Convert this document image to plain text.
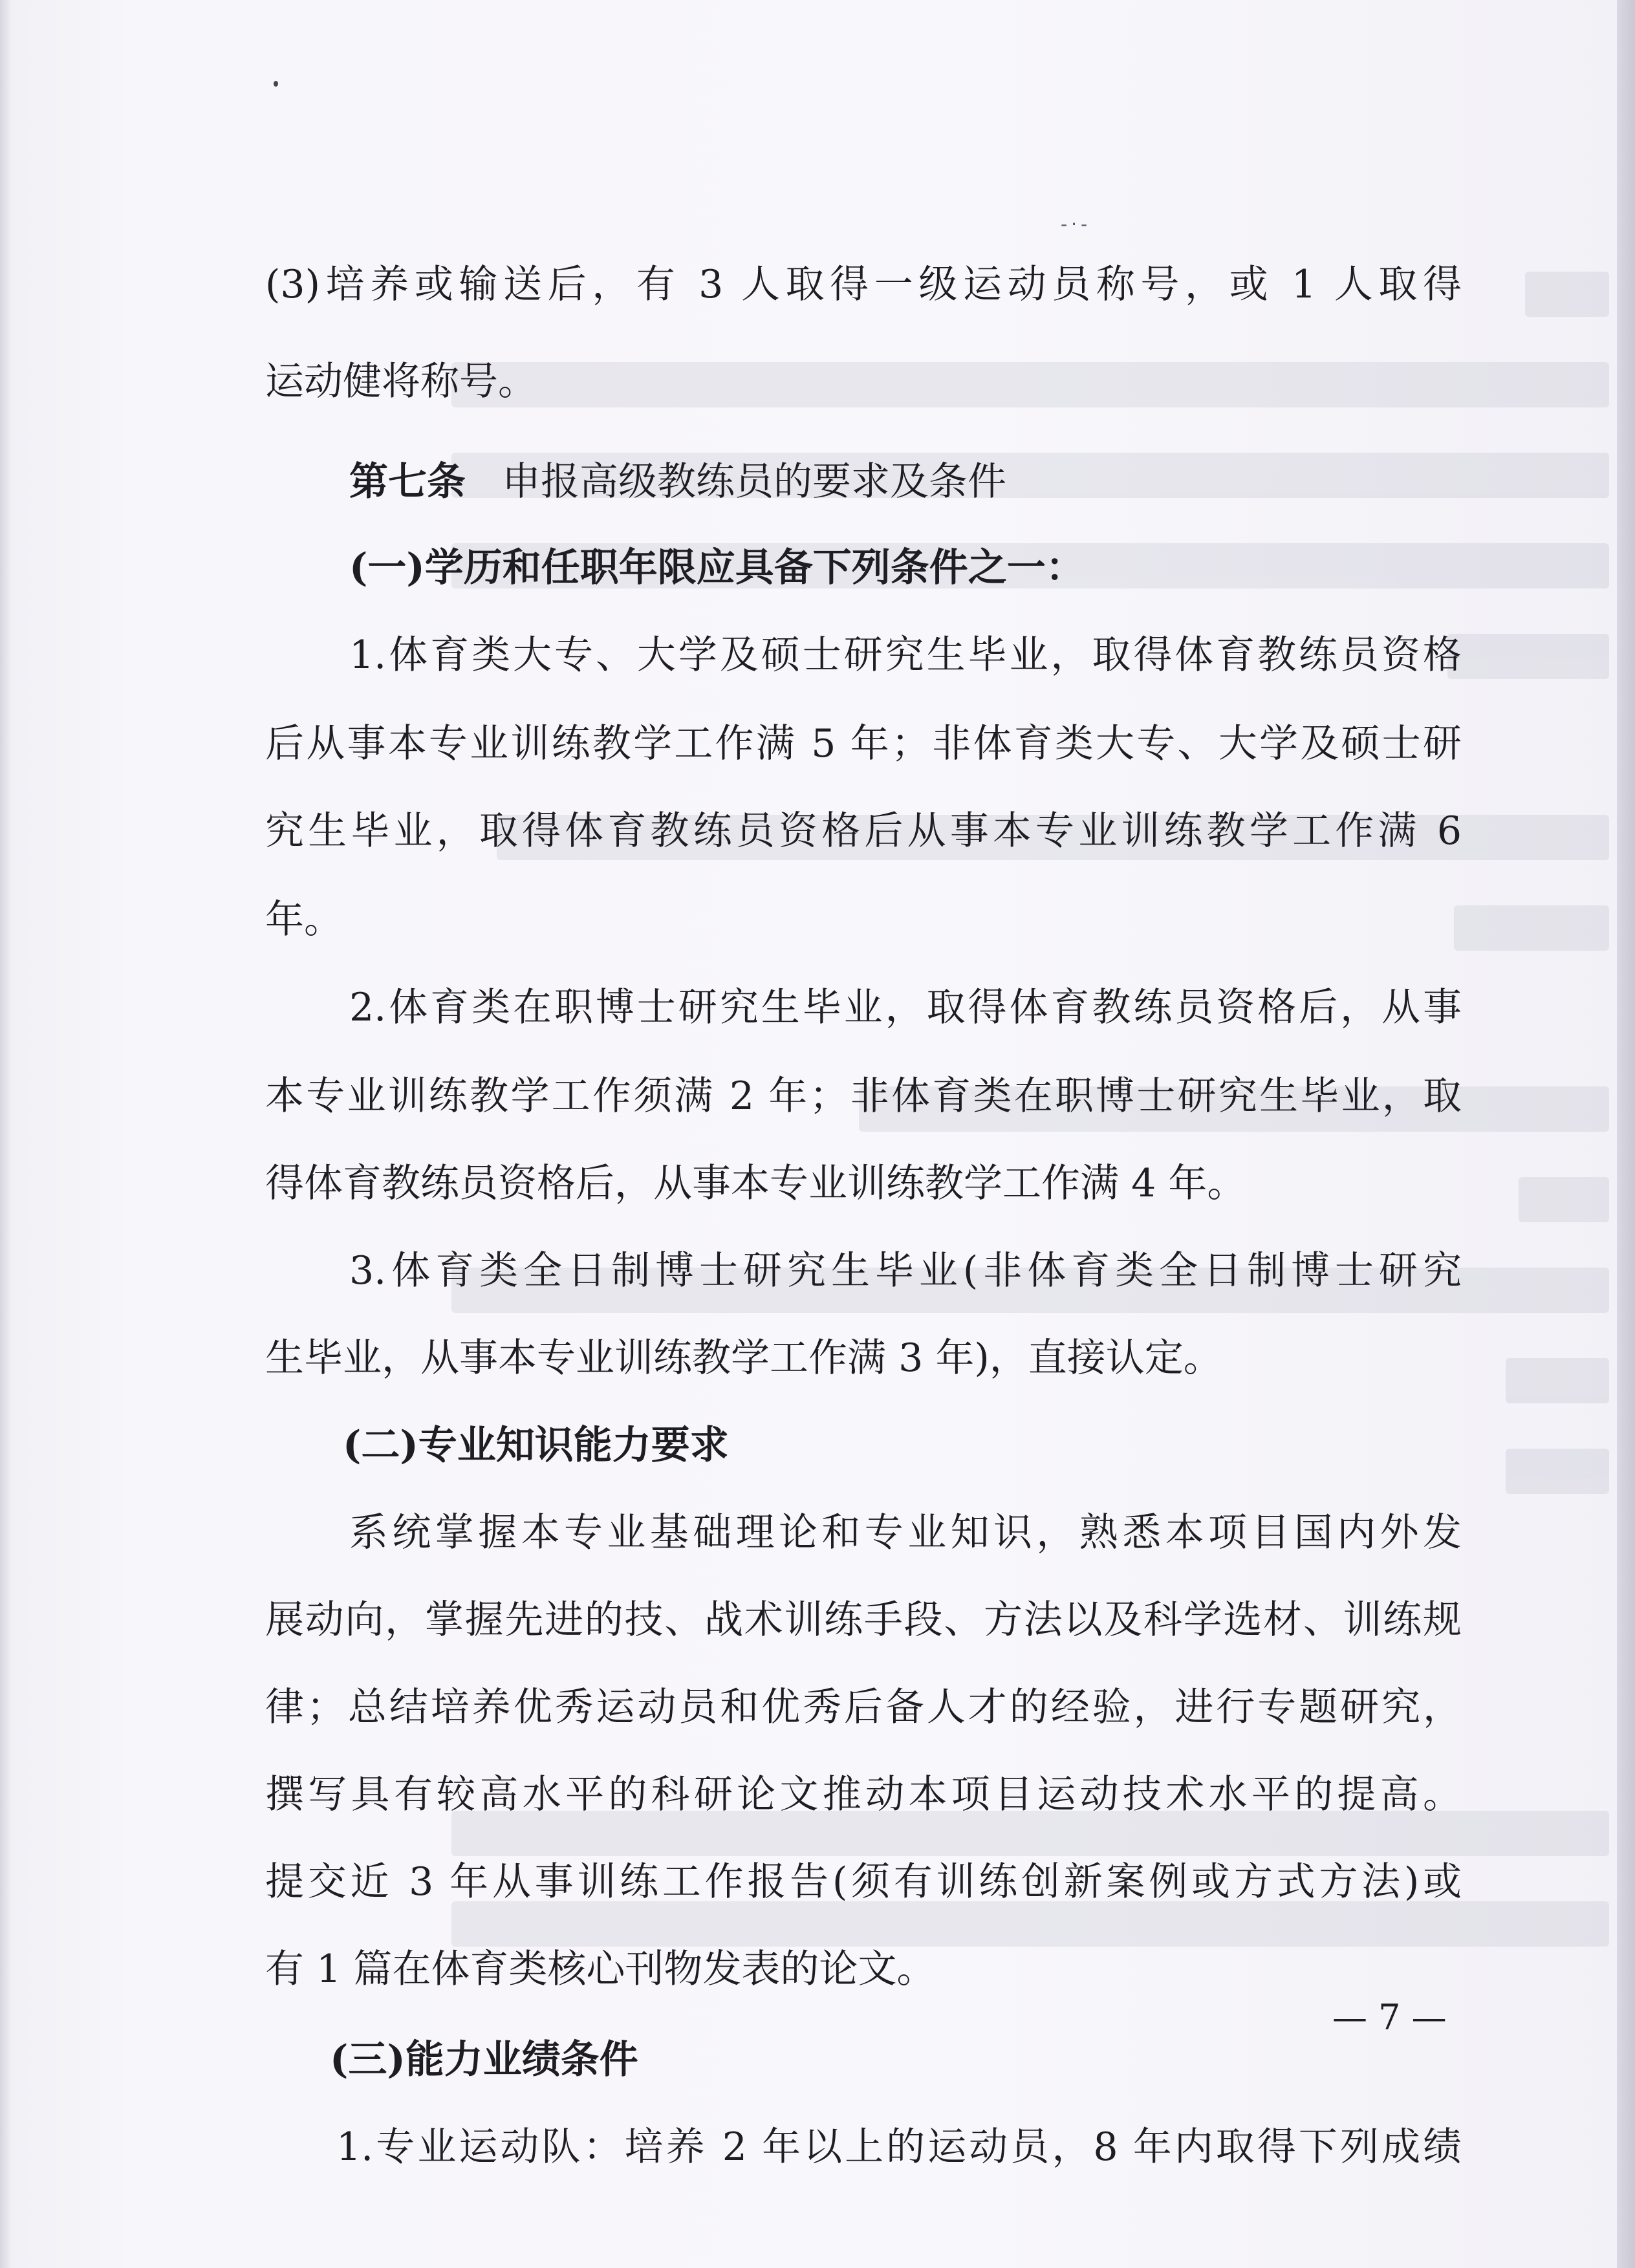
-·-
(3)培养或输送后，有 3 人取得一级运动员称号，或 1 人取得
运动健将称号。
第七条 申报高级教练员的要求及条件
(一)学历和任职年限应具备下列条件之一：
1.体育类大专、大学及硕士研究生毕业，取得体育教练员资格
后从事本专业训练教学工作满 5 年；非体育类大专、大学及硕士研
究生毕业，取得体育教练员资格后从事本专业训练教学工作满 6
年。
2.体育类在职博士研究生毕业，取得体育教练员资格后，从事
本专业训练教学工作须满 2 年；非体育类在职博士研究生毕业，取
得体育教练员资格后，从事本专业训练教学工作满 4 年。
3.体育类全日制博士研究生毕业(非体育类全日制博士研究
生毕业，从事本专业训练教学工作满 3 年)，直接认定。
(二)专业知识能力要求
系统掌握本专业基础理论和专业知识，熟悉本项目国内外发
展动向，掌握先进的技、战术训练手段、方法以及科学选材、训练规
律；总结培养优秀运动员和优秀后备人才的经验，进行专题研究，
撰写具有较高水平的科研论文推动本项目运动技术水平的提高。
提交近 3 年从事训练工作报告(须有训练创新案例或方式方法)或
有 1 篇在体育类核心刊物发表的论文。
(三)能力业绩条件
1.专业运动队：培养 2 年以上的运动员，8 年内取得下列成绩
— 7 —
